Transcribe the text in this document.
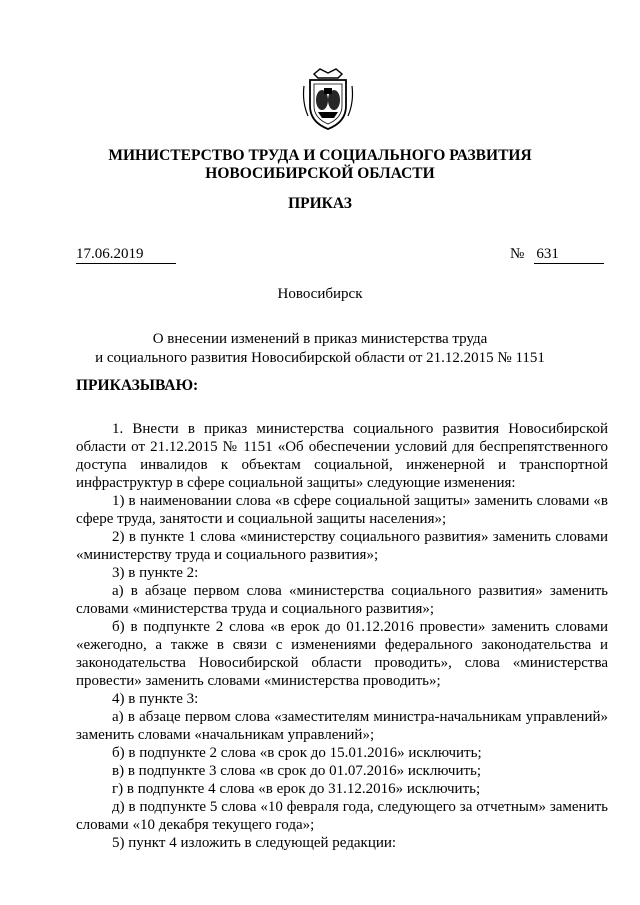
МИНИСТЕРСТВО ТРУДА И СОЦИАЛЬНОГО РАЗВИТИЯ
НОВОСИБИРСКОЙ ОБЛАСТИ
ПРИКАЗ
17.06.2019	№ 631
Новосибирск
О внесении изменений в приказ министерства труда
и социального развития Новосибирской области от 21.12.2015 № 1151
ПРИКАЗЫВАЮ:

1. Внести в приказ министерства социального развития Новосибирской области от 21.12.2015 № 1151 «Об обеспечении условий для беспрепятственного доступа инвалидов к объектам социальной, инженерной и транспортной инфраструктур в сфере социальной защиты» следующие изменения:

1) в наименовании слова «в сфере социальной защиты» заменить словами «в сфере труда, занятости и социальной защиты населения»;

2) в пункте 1 слова «министерству социального развития» заменить словами «министерству труда и социального развития»;

3) в пункте 2:

а) в абзаце первом слова «министерства социального развития» заменить словами «министерства труда и социального развития»;

б) в подпункте 2 слова «в ерок до 01.12.2016 провести» заменить словами «ежегодно, а также в связи с изменениями федерального законодательства и законодательства Новосибирской области проводить», слова «министерства провести» заменить словами «министерства проводить»;

4) в пункте 3:

а) в абзаце первом слова «заместителям министра-начальникам управлений» заменить словами «начальникам управлений»;

б) в подпункте 2 слова «в срок до 15.01.2016» исключить;

в) в подпункте 3 слова «в срок до 01.07.2016» исключить;

г) в подпункте 4 слова «в ерок до 31.12.2016» исключить;

д) в подпункте 5 слова «10 февраля года, следующего за отчетным» заменить словами «10 декабря текущего года»;

5) пункт 4 изложить в следующей редакции:
